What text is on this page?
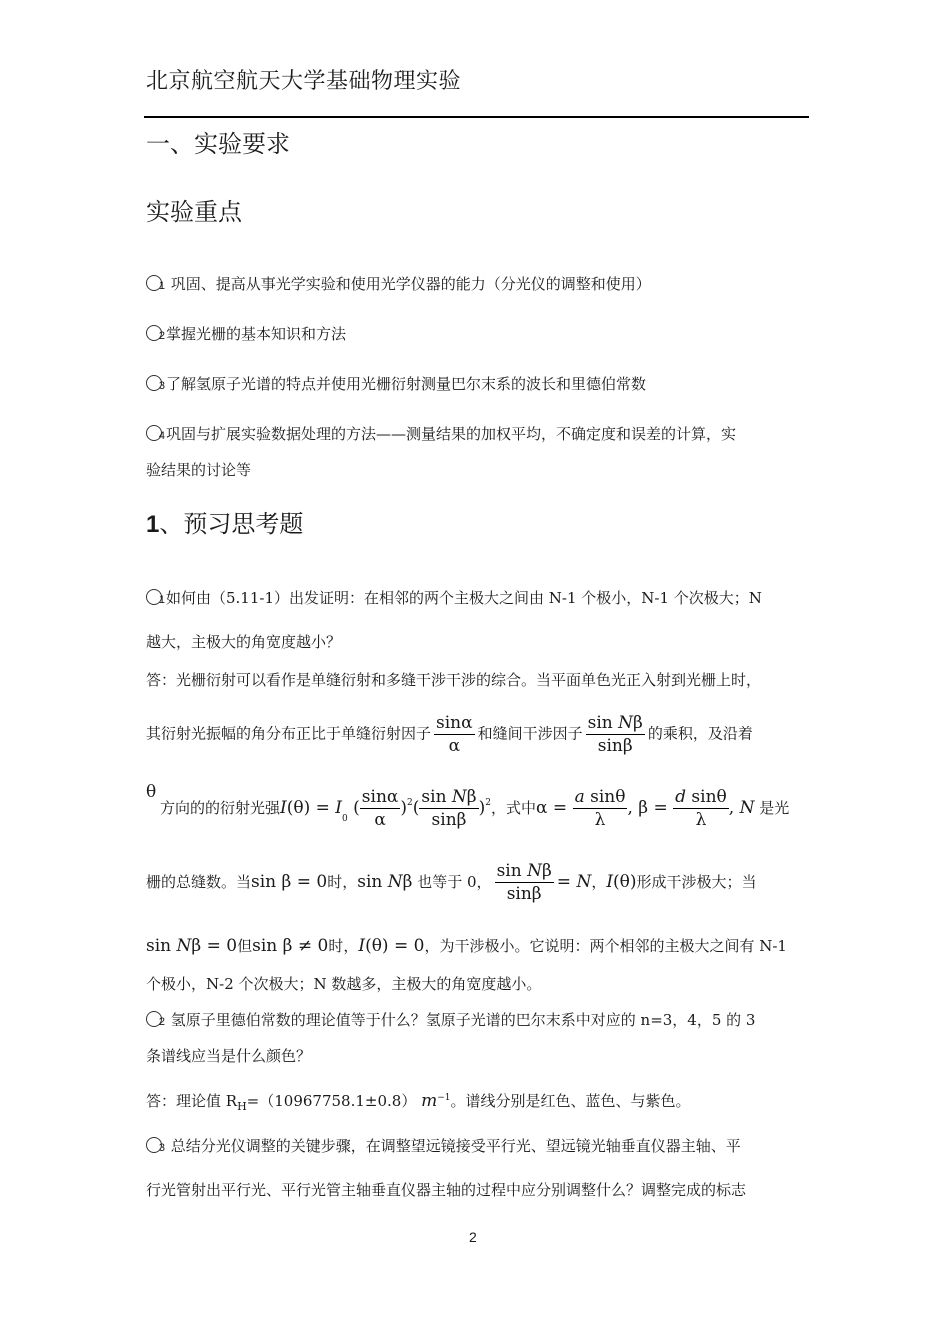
北京航空航天大学基础物理实验
一、实验要求
实验重点
1 巩固、提高从事光学实验和使用光学仪器的能力（分光仪的调整和使用）
2 掌握光栅的基本知识和方法
3 了解氢原子光谱的特点并使用光栅衍射测量巴尔末系的波长和里德伯常数
4 巩固与扩展实验数据处理的方法——测量结果的加权平均，不确定度和误差的计算，实
验结果的讨论等
1、预习思考题
1 如何由（5.11-1）出发证明：在相邻的两个主极大之间由 N-1 个极小，N-1 个次极大；N
越大，主极大的角宽度越小？
答：光栅衍射可以看作是单缝衍射和多缝干涉干涉的综合。当平面单色光正入射到光栅上时，
其衍射光振幅的角分布正比于单缝衍射因子 $\frac{\sin\alpha}{\alpha}$ 和缝间干涉因子 $\frac{\text{sin Nβ}}{\sin\beta}$ 的乘积，及沿着
θ
方向的的衍射光强$I(\theta) = I_0$ ( $\frac{\sin\alpha}{\alpha} )^2( \frac{\text{sin Nβ}}{\sin\beta} )^2$，式中$\alpha = \frac{\text{a sinθ}}{\lambda}$ , $\beta = \frac{\text{d sinθ}}{\lambda}$ , N 是光
栅的总缝数。当sin β = 0时，sin Nβ 也等于 0， $\frac{\text{sin Nβ}}{\sin\beta} = N$，I(θ)形成干涉极大；当
sin Nβ = 0但sin β ≠ 0时，I(θ) = 0，为干涉极小。它说明：两个相邻的主极大之间有 N-1
个极小，N-2 个次极大；N 数越多，主极大的角宽度越小。
2 氢原子里德伯常数的理论值等于什么？氢原子光谱的巴尔末系中对应的 n=3，4，5 的 3
条谱线应当是什么颜色？
答：理论值 $R_H=(10967758.1\pm 0.8)$ $m^{-1}$。谱线分别是红色、蓝色、与紫色。
3 总结分光仪调整的关键步骤，在调整望远镜接受平行光、望远镜光轴垂直仪器主轴、平
行光管射出平行光、平行光管主轴垂直仪器主轴的过程中应分别调整什么？调整完成的标志
2
